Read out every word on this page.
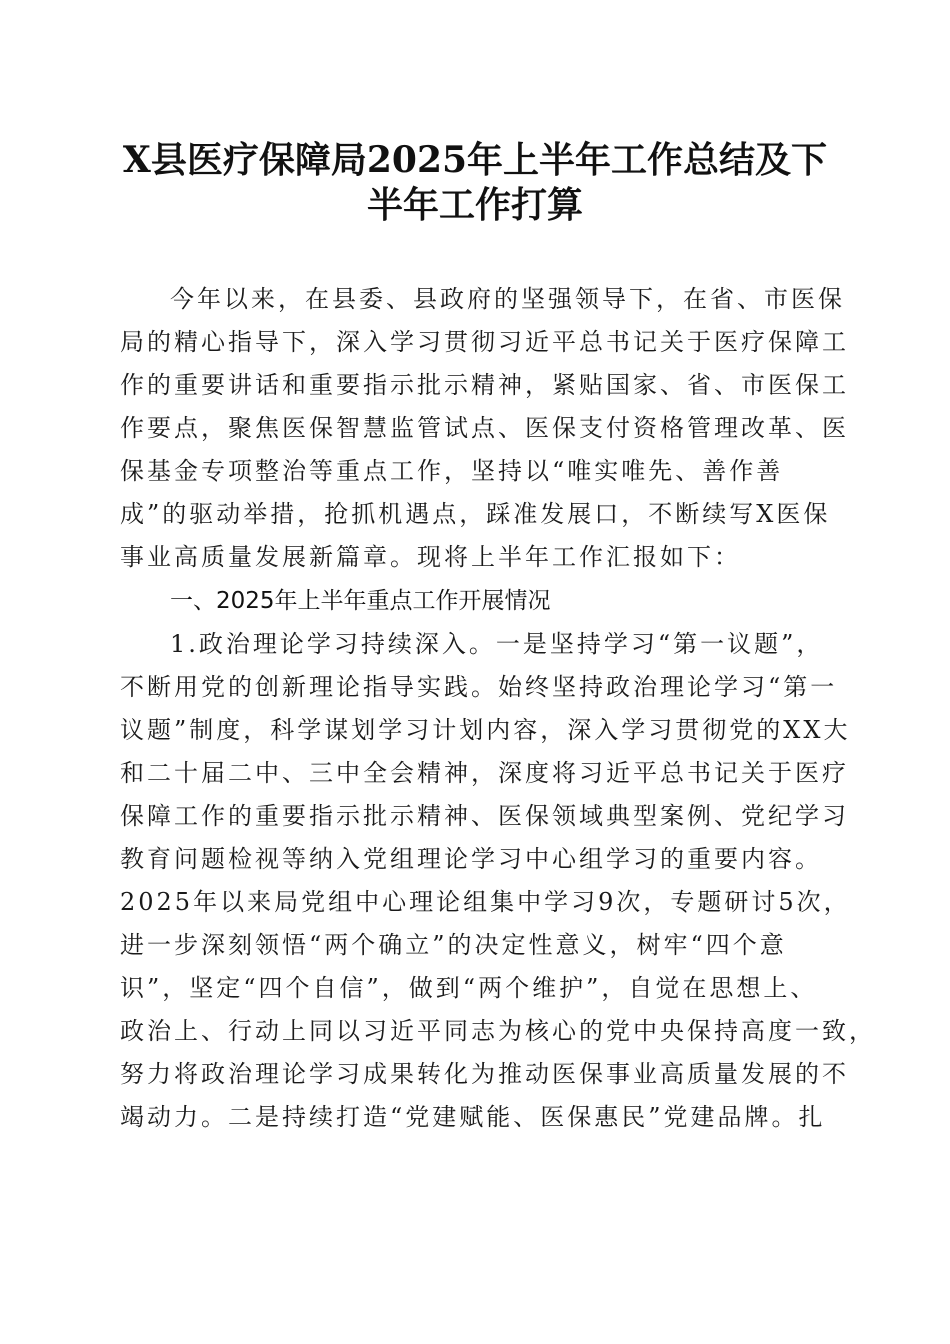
X县医疗保障局2025年上半年工作总结及下
半年工作打算
今年以来，在县委、县政府的坚强领导下，在省、市医保
局的精心指导下，深入学习贯彻习近平总书记关于医疗保障工
作的重要讲话和重要指示批示精神，紧贴国家、省、市医保工
作要点，聚焦医保智慧监管试点、医保支付资格管理改革、医
保基金专项整治等重点工作，坚持以“唯实唯先、善作善
成”的驱动举措，抢抓机遇点，踩准发展口，不断续写X医保
事业高质量发展新篇章。现将上半年工作汇报如下：
一、2025年上半年重点工作开展情况
1.政治理论学习持续深入。一是坚持学习“第一议题”，
不断用党的创新理论指导实践。始终坚持政治理论学习“第一
议题”制度，科学谋划学习计划内容，深入学习贯彻党的XX大
和二十届二中、三中全会精神，深度将习近平总书记关于医疗
保障工作的重要指示批示精神、医保领域典型案例、党纪学习
教育问题检视等纳入党组理论学习中心组学习的重要内容。
2025年以来局党组中心理论组集中学习9次，专题研讨5次，
进一步深刻领悟“两个确立”的决定性意义，树牢“四个意
识”，坚定“四个自信”，做到“两个维护”，自觉在思想上、
政治上、行动上同以习近平同志为核心的党中央保持高度一致，
努力将政治理论学习成果转化为推动医保事业高质量发展的不
竭动力。二是持续打造“党建赋能、医保惠民”党建品牌。扎
